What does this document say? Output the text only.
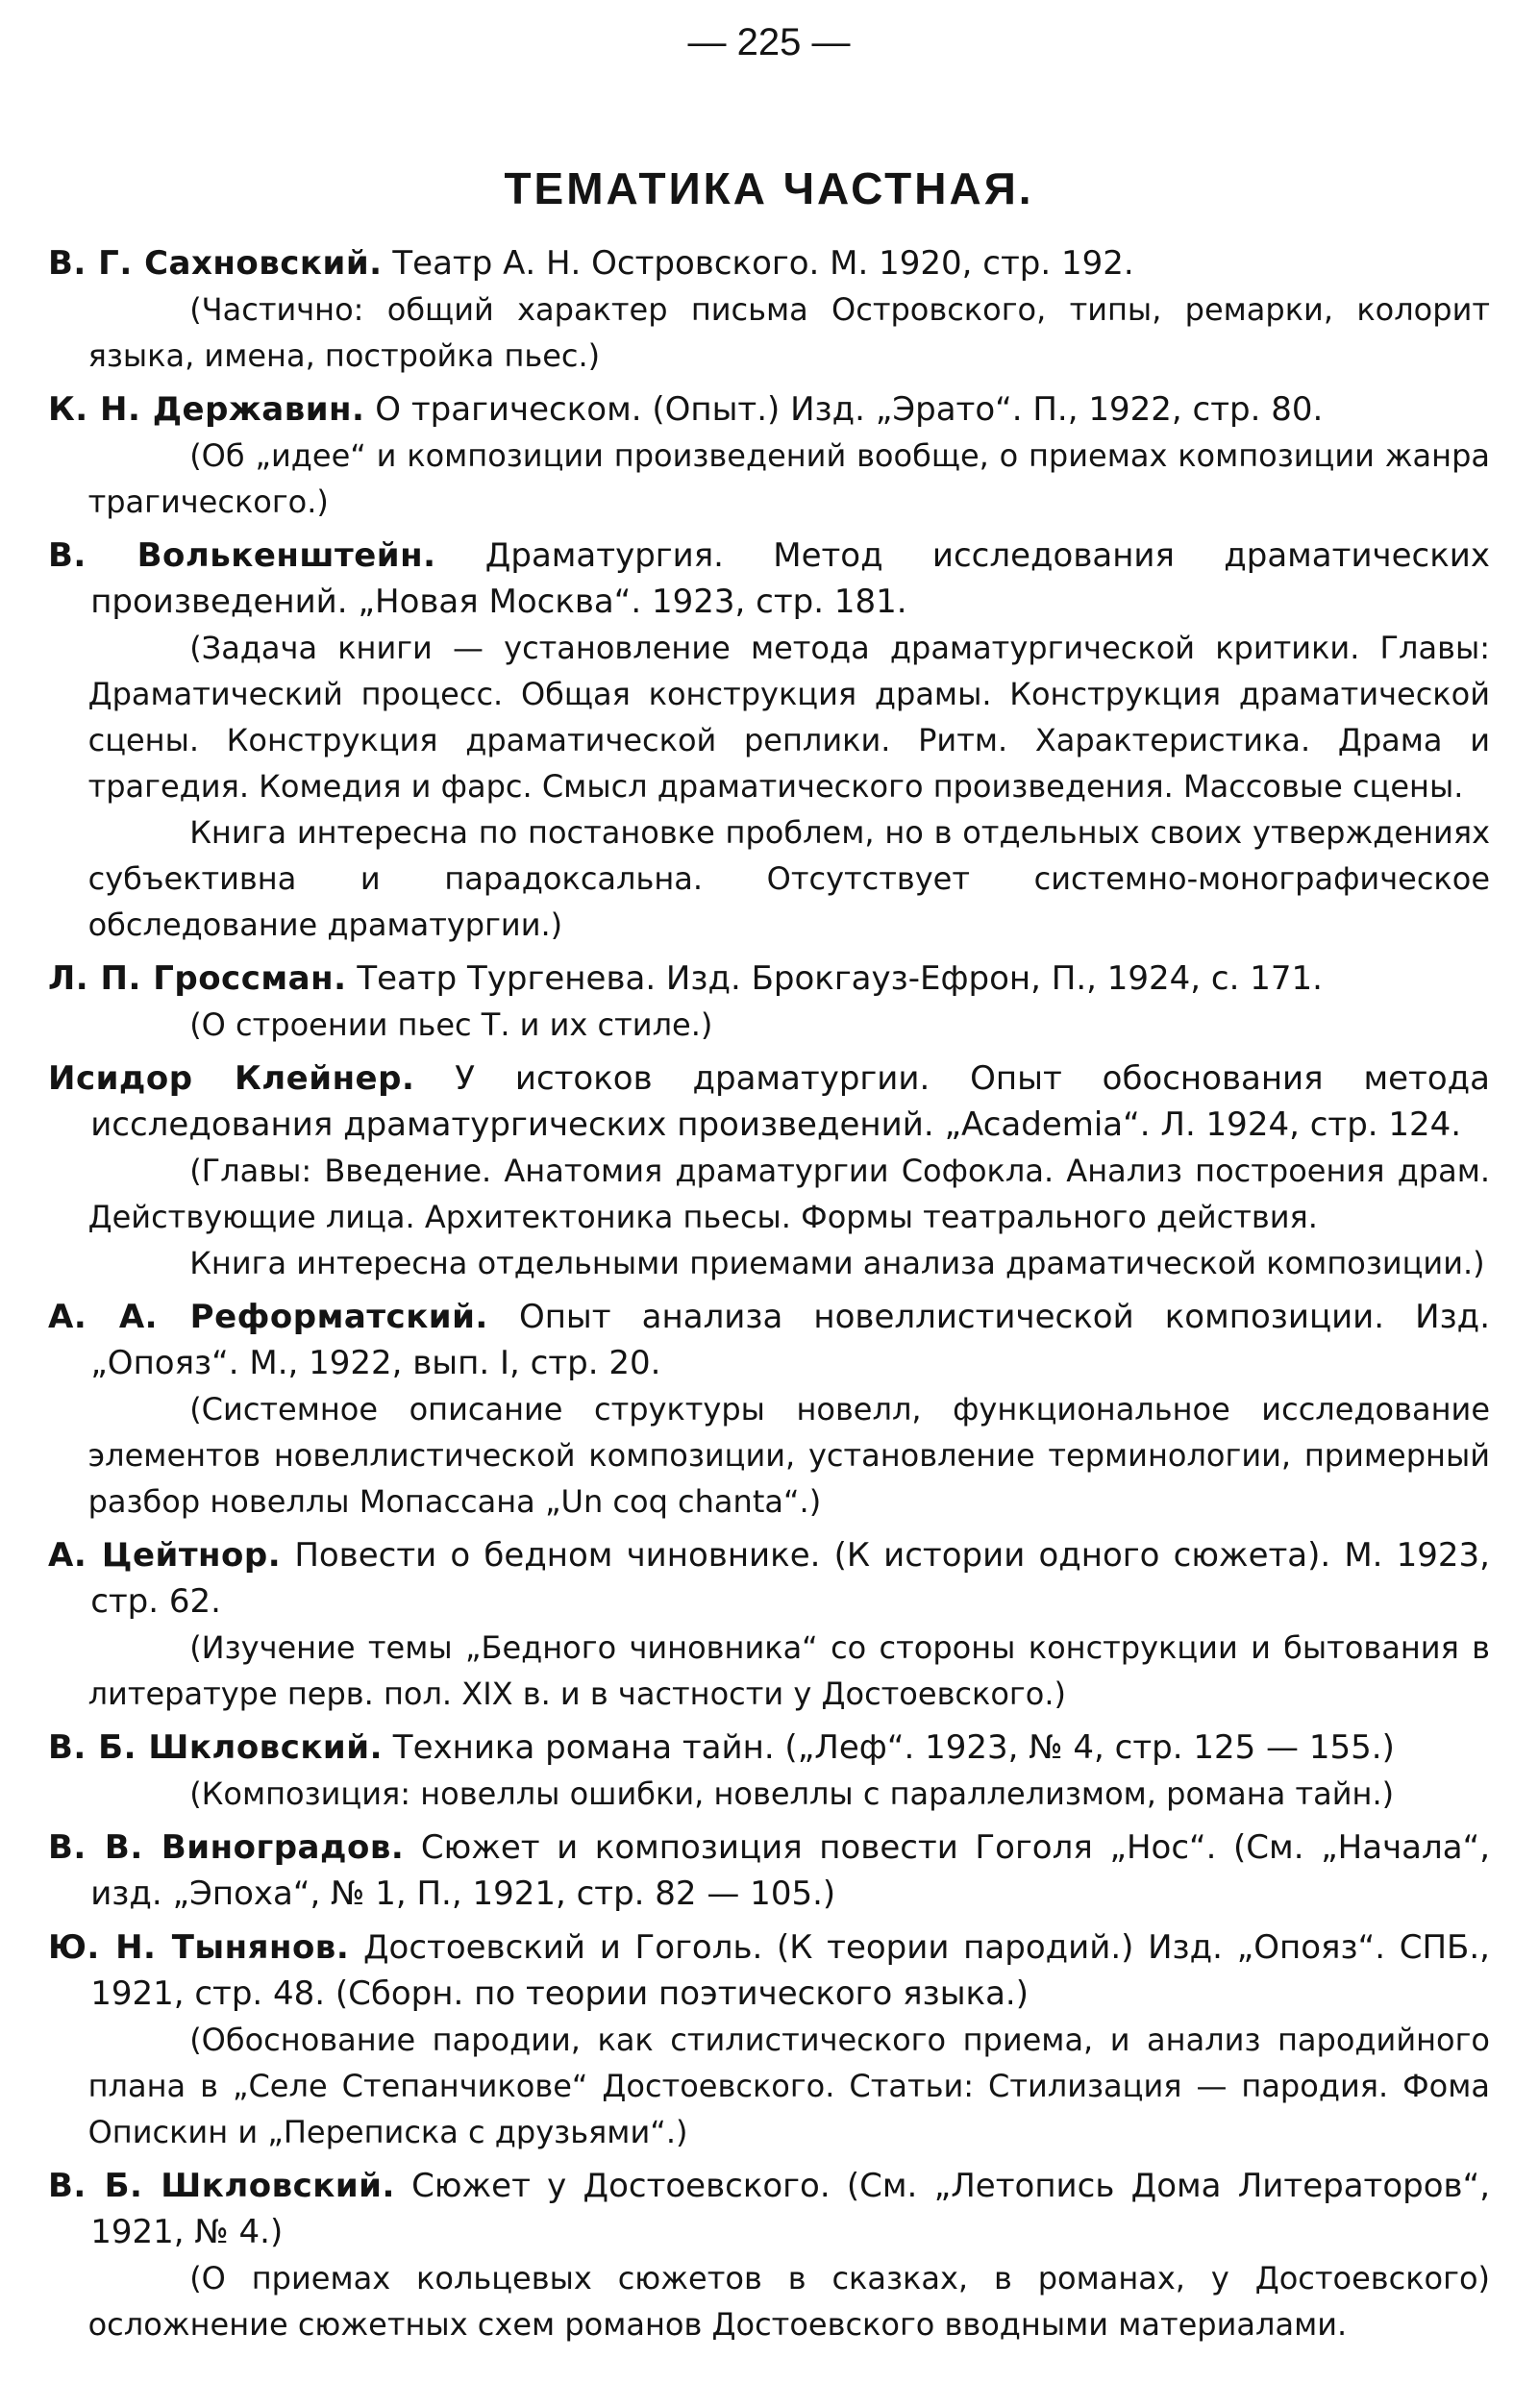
— 225 —
ТЕМАТИКА ЧАСТНАЯ.

В. Г. Сахновский. Театр А. Н. Островского. М. 1920, стр. 192.

(Частично: общий характер письма Островского, типы, ремарки, колорит языка, имена, постройка пьес.)

К. Н. Державин. О трагическом. (Опыт.) Изд. „Эрато“. П., 1922, стр. 80.

(Об „идее“ и композиции произведений вообще, о приемах композиции жанра трагического.)

В. Волькенштейн. Драматургия. Метод исследования драматических произведений. „Новая Москва“. 1923, стр. 181.

(Задача книги — установление метода драматургической критики. Главы: Драматический процесс. Общая конструкция драмы. Конструкция драматической сцены. Конструкция драматической реплики. Ритм. Характеристика. Драма и трагедия. Комедия и фарс. Смысл драматического произведения. Массовые сцены.

Книга интересна по постановке проблем, но в отдельных своих утверждениях субъективна и парадоксальна. Отсутствует системно-монографическое обследование драматургии.)

Л. П. Гроссман. Театр Тургенева. Изд. Брокгауз-Ефрон, П., 1924, с. 171.

(О строении пьес Т. и их стиле.)

Исидор Клейнер. У истоков драматургии. Опыт обоснования метода исследования драматургических произведений. „Academia“. Л. 1924, стр. 124.

(Главы: Введение. Анатомия драматургии Софокла. Анализ построения драм. Действующие лица. Архитектоника пьесы. Формы театрального действия.

Книга интересна отдельными приемами анализа драматической композиции.)

А. А. Реформатский. Опыт анализа новеллистической композиции. Изд. „Опояз“. М., 1922, вып. I, стр. 20.

(Системное описание структуры новелл, функциональное исследование элементов новеллистической композиции, установление терминологии, примерный разбор новеллы Мопассана „Un coq chanta“.)

А. Цейтнор. Повести о бедном чиновнике. (К истории одного сюжета). М. 1923, стр. 62.

(Изучение темы „Бедного чиновника“ со стороны конструкции и бытования в литературе перв. пол. XIX в. и в частности у Достоевского.)

В. Б. Шкловский. Техника романа тайн. („Леф“. 1923, № 4, стр. 125 — 155.)

(Композиция: новеллы ошибки, новеллы с параллелизмом, романа тайн.)

В. В. Виноградов. Сюжет и композиция повести Гоголя „Нос“. (См. „Начала“, изд. „Эпоха“, № 1, П., 1921, стр. 82 — 105.)

Ю. Н. Тынянов. Достоевский и Гоголь. (К теории пародий.) Изд. „Опояз“. СПБ., 1921, стр. 48. (Сборн. по теории поэтического языка.)

(Обоснование пародии, как стилистического приема, и анализ пародийного плана в „Селе Степанчикове“ Достоевского. Статьи: Стилизация — пародия. Фома Опискин и „Переписка с друзьями“.)

В. Б. Шкловский. Сюжет у Достоевского. (См. „Летопись Дома Литераторов“, 1921, № 4.)

(О приемах кольцевых сюжетов в сказках, в романах, у Достоевского) осложнение сюжетных схем романов Достоевского вводными материалами.
